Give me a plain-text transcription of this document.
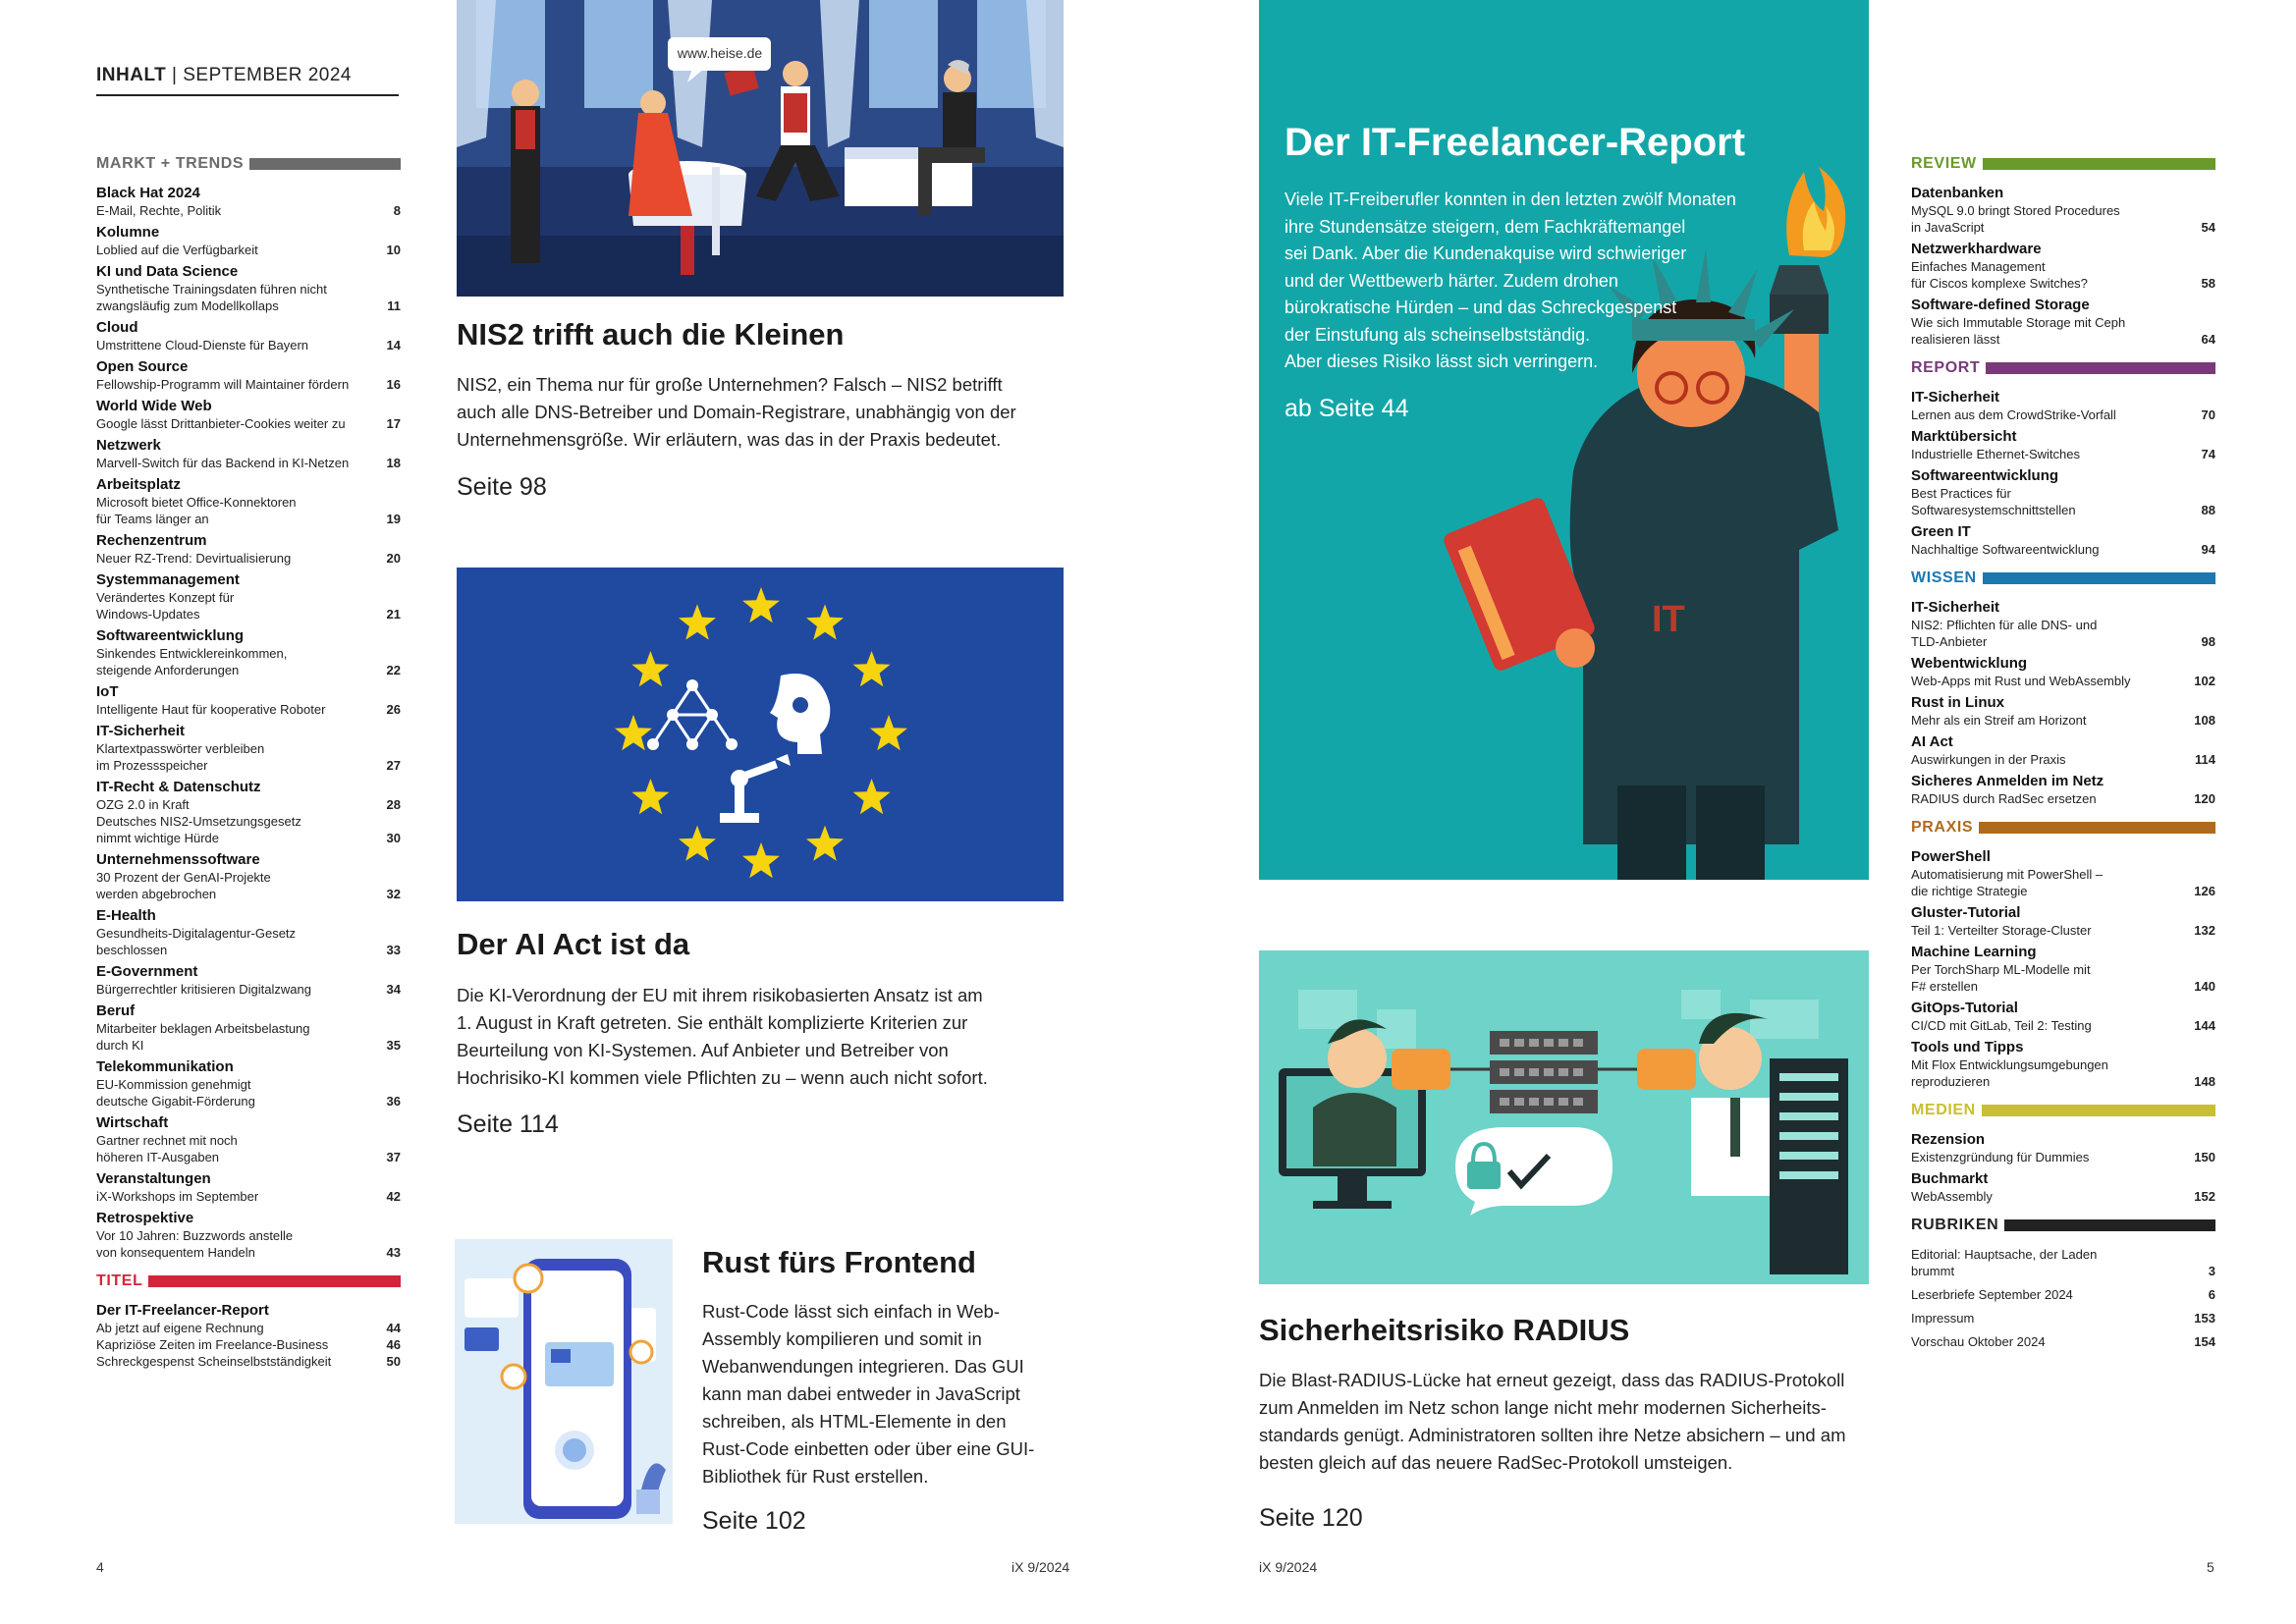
INHALT | SEPTEMBER 2024
MARKT + TRENDS
Black Hat 2024
E-Mail, Rechte, Politik	8
Kolumne
Loblied auf die Verfügbarkeit	10
KI und Data Science
Synthetische Trainingsdaten führen nicht
zwangsläufig zum Modellkollaps	11
Cloud
Umstrittene Cloud-Dienste für Bayern	14
Open Source
Fellowship-Programm will Maintainer fördern	16
World Wide Web
Google lässt Drittanbieter-Cookies weiter zu	17
Netzwerk
Marvell-Switch für das Backend in KI-Netzen	18
Arbeitsplatz
Microsoft bietet Office-Konnektoren
für Teams länger an	19
Rechenzentrum
Neuer RZ-Trend: Devirtualisierung	20
Systemmanagement
Verändertes Konzept für
Windows-Updates	21
Softwareentwicklung
Sinkendes Entwicklereinkommen,
steigende Anforderungen	22
IoT
Intelligente Haut für kooperative Roboter	26
IT-Sicherheit
Klartextpasswörter verbleiben
im Prozessspeicher	27
IT-Recht & Datenschutz
OZG 2.0 in Kraft	28
Deutsches NIS2-Umsetzungsgesetz
nimmt wichtige Hürde	30
Unternehmenssoftware
30 Prozent der GenAI-Projekte
werden abgebrochen	32
E-Health
Gesundheits-Digitalagentur-Gesetz
beschlossen	33
E-Government
Bürgerrechtler kritisieren Digitalzwang	34
Beruf
Mitarbeiter beklagen Arbeitsbelastung
durch KI	35
Telekommunikation
EU-Kommission genehmigt
deutsche Gigabit-Förderung	36
Wirtschaft
Gartner rechnet mit noch
höheren IT-Ausgaben	37
Veranstaltungen
iX-Workshops im September	42
Retrospektive
Vor 10 Jahren: Buzzwords anstelle
von konsequentem Handeln	43
TITEL
Der IT-Freelancer-Report
Ab jetzt auf eigene Rechnung	44
Kapriziöse Zeiten im Freelance-Business	46
Schreckgespenst Scheinselbstständigkeit	50
REVIEW
Datenbanken
MySQL 9.0 bringt Stored Procedures
in JavaScript	54
Netzwerkhardware
Einfaches Management
für Ciscos komplexe Switches?	58
Software-defined Storage
Wie sich Immutable Storage mit Ceph
realisieren lässt	64
REPORT
IT-Sicherheit
Lernen aus dem CrowdStrike-Vorfall	70
Marktübersicht
Industrielle Ethernet-Switches	74
Softwareentwicklung
Best Practices für
Softwaresystemschnittstellen	88
Green IT
Nachhaltige Softwareentwicklung	94
WISSEN
IT-Sicherheit
NIS2: Pflichten für alle DNS- und
TLD-Anbieter	98
Webentwicklung
Web-Apps mit Rust und WebAssembly	102
Rust in Linux
Mehr als ein Streif am Horizont	108
AI Act
Auswirkungen in der Praxis	114
Sicheres Anmelden im Netz
RADIUS durch RadSec ersetzen	120
PRAXIS
PowerShell
Automatisierung mit PowerShell –
die richtige Strategie	126
Gluster-Tutorial
Teil 1: Verteilter Storage-Cluster	132
Machine Learning
Per TorchSharp ML-Modelle mit
F# erstellen	140
GitOps-Tutorial
CI/CD mit GitLab, Teil 2: Testing	144
Tools und Tipps
Mit Flox Entwicklungsumgebungen
reproduzieren	148
MEDIEN
Rezension
Existenzgründung für Dummies	150
Buchmarkt
WebAssembly	152
RUBRIKEN
Editorial: Hauptsache, der Laden
brummt	3
Leserbriefe September 2024	6
Impressum	153
Vorschau Oktober 2024	154
www.heise.de
NIS2 trifft auch die Kleinen
NIS2, ein Thema nur für große Unternehmen? Falsch – NIS2 betrifft
auch alle DNS-Betreiber und Domain-Registrare, unabhängig von der
Unternehmensgröße. Wir erläutern, was das in der Praxis bedeutet.
Seite 98
Der AI Act ist da
Die KI-Verordnung der EU mit ihrem risikobasierten Ansatz ist am
1. August in Kraft getreten. Sie enthält komplizierte Kriterien zur
Beurteilung von KI-Systemen. Auf Anbieter und Betreiber von
Hochrisiko-KI kommen viele Pflichten zu – wenn auch nicht sofort.
Seite 114
Rust fürs Frontend
Rust-Code lässt sich einfach in Web-
Assembly kompilieren und somit in
Webanwendungen integrieren. Das GUI
kann man dabei entweder in JavaScript
schreiben, als HTML-Elemente in den
Rust-Code einbetten oder über eine GUI-
Bibliothek für Rust erstellen.
Seite 102
Der IT-Freelancer-Report
Viele IT-Freiberufler konnten in den letzten zwölf Monaten
ihre Stundensätze steigern, dem Fachkräftemangel
sei Dank. Aber die Kundenakquise wird schwieriger
und der Wettbewerb härter. Zudem drohen
bürokratische Hürden – und das Schreckgespenst
der Einstufung als scheinselbstständig.
Aber dieses Risiko lässt sich verringern.
ab Seite 44
IT
Sicherheitsrisiko RADIUS
Die Blast-RADIUS-Lücke hat erneut gezeigt, dass das RADIUS-Protokoll
zum Anmelden im Netz schon lange nicht mehr modernen Sicherheits-
standards genügt. Administratoren sollten ihre Netze absichern – und am
besten gleich auf das neuere RadSec-Protokoll umsteigen.
Seite 120
4	iX 9/2024	iX 9/2024	5
